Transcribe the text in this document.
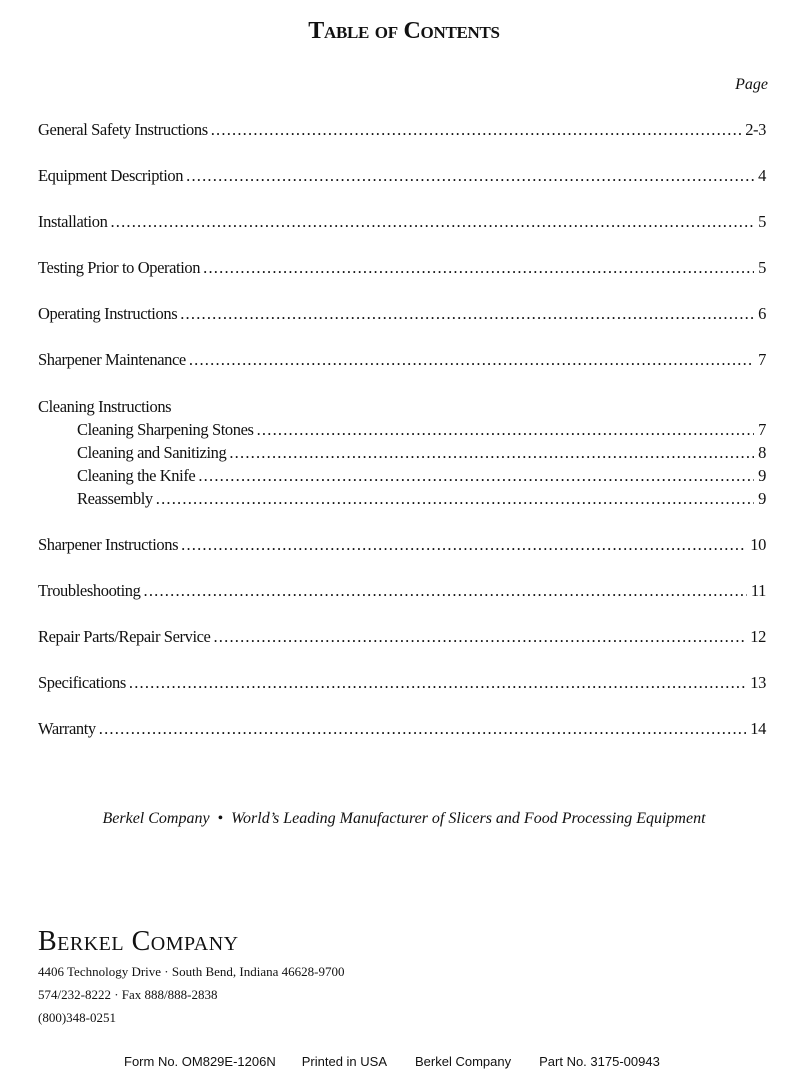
Table of Contents
Page
General Safety Instructions .....	2-3
Equipment Description .....	4
Installation .....	5
Testing Prior to Operation .....	5
Operating Instructions .....	6
Sharpener Maintenance .....	7
Cleaning Instructions
Cleaning Sharpening Stones .....	7
Cleaning and Sanitizing .....	8
Cleaning the Knife .....	9
Reassembly .....	9
Sharpener Instructions .....	10
Troubleshooting .....	11
Repair Parts/Repair Service .....	12
Specifications .....	13
Warranty .....	14
Berkel Company • World’s Leading Manufacturer of Slicers and Food Processing Equipment
Berkel Company
4406 Technology Drive · South Bend, Indiana 46628-9700
574/232-8222 · Fax 888/888-2838
(800)348-0251
Form No. OM829E-1206N Printed in USA Berkel Company Part No. 3175-00943
